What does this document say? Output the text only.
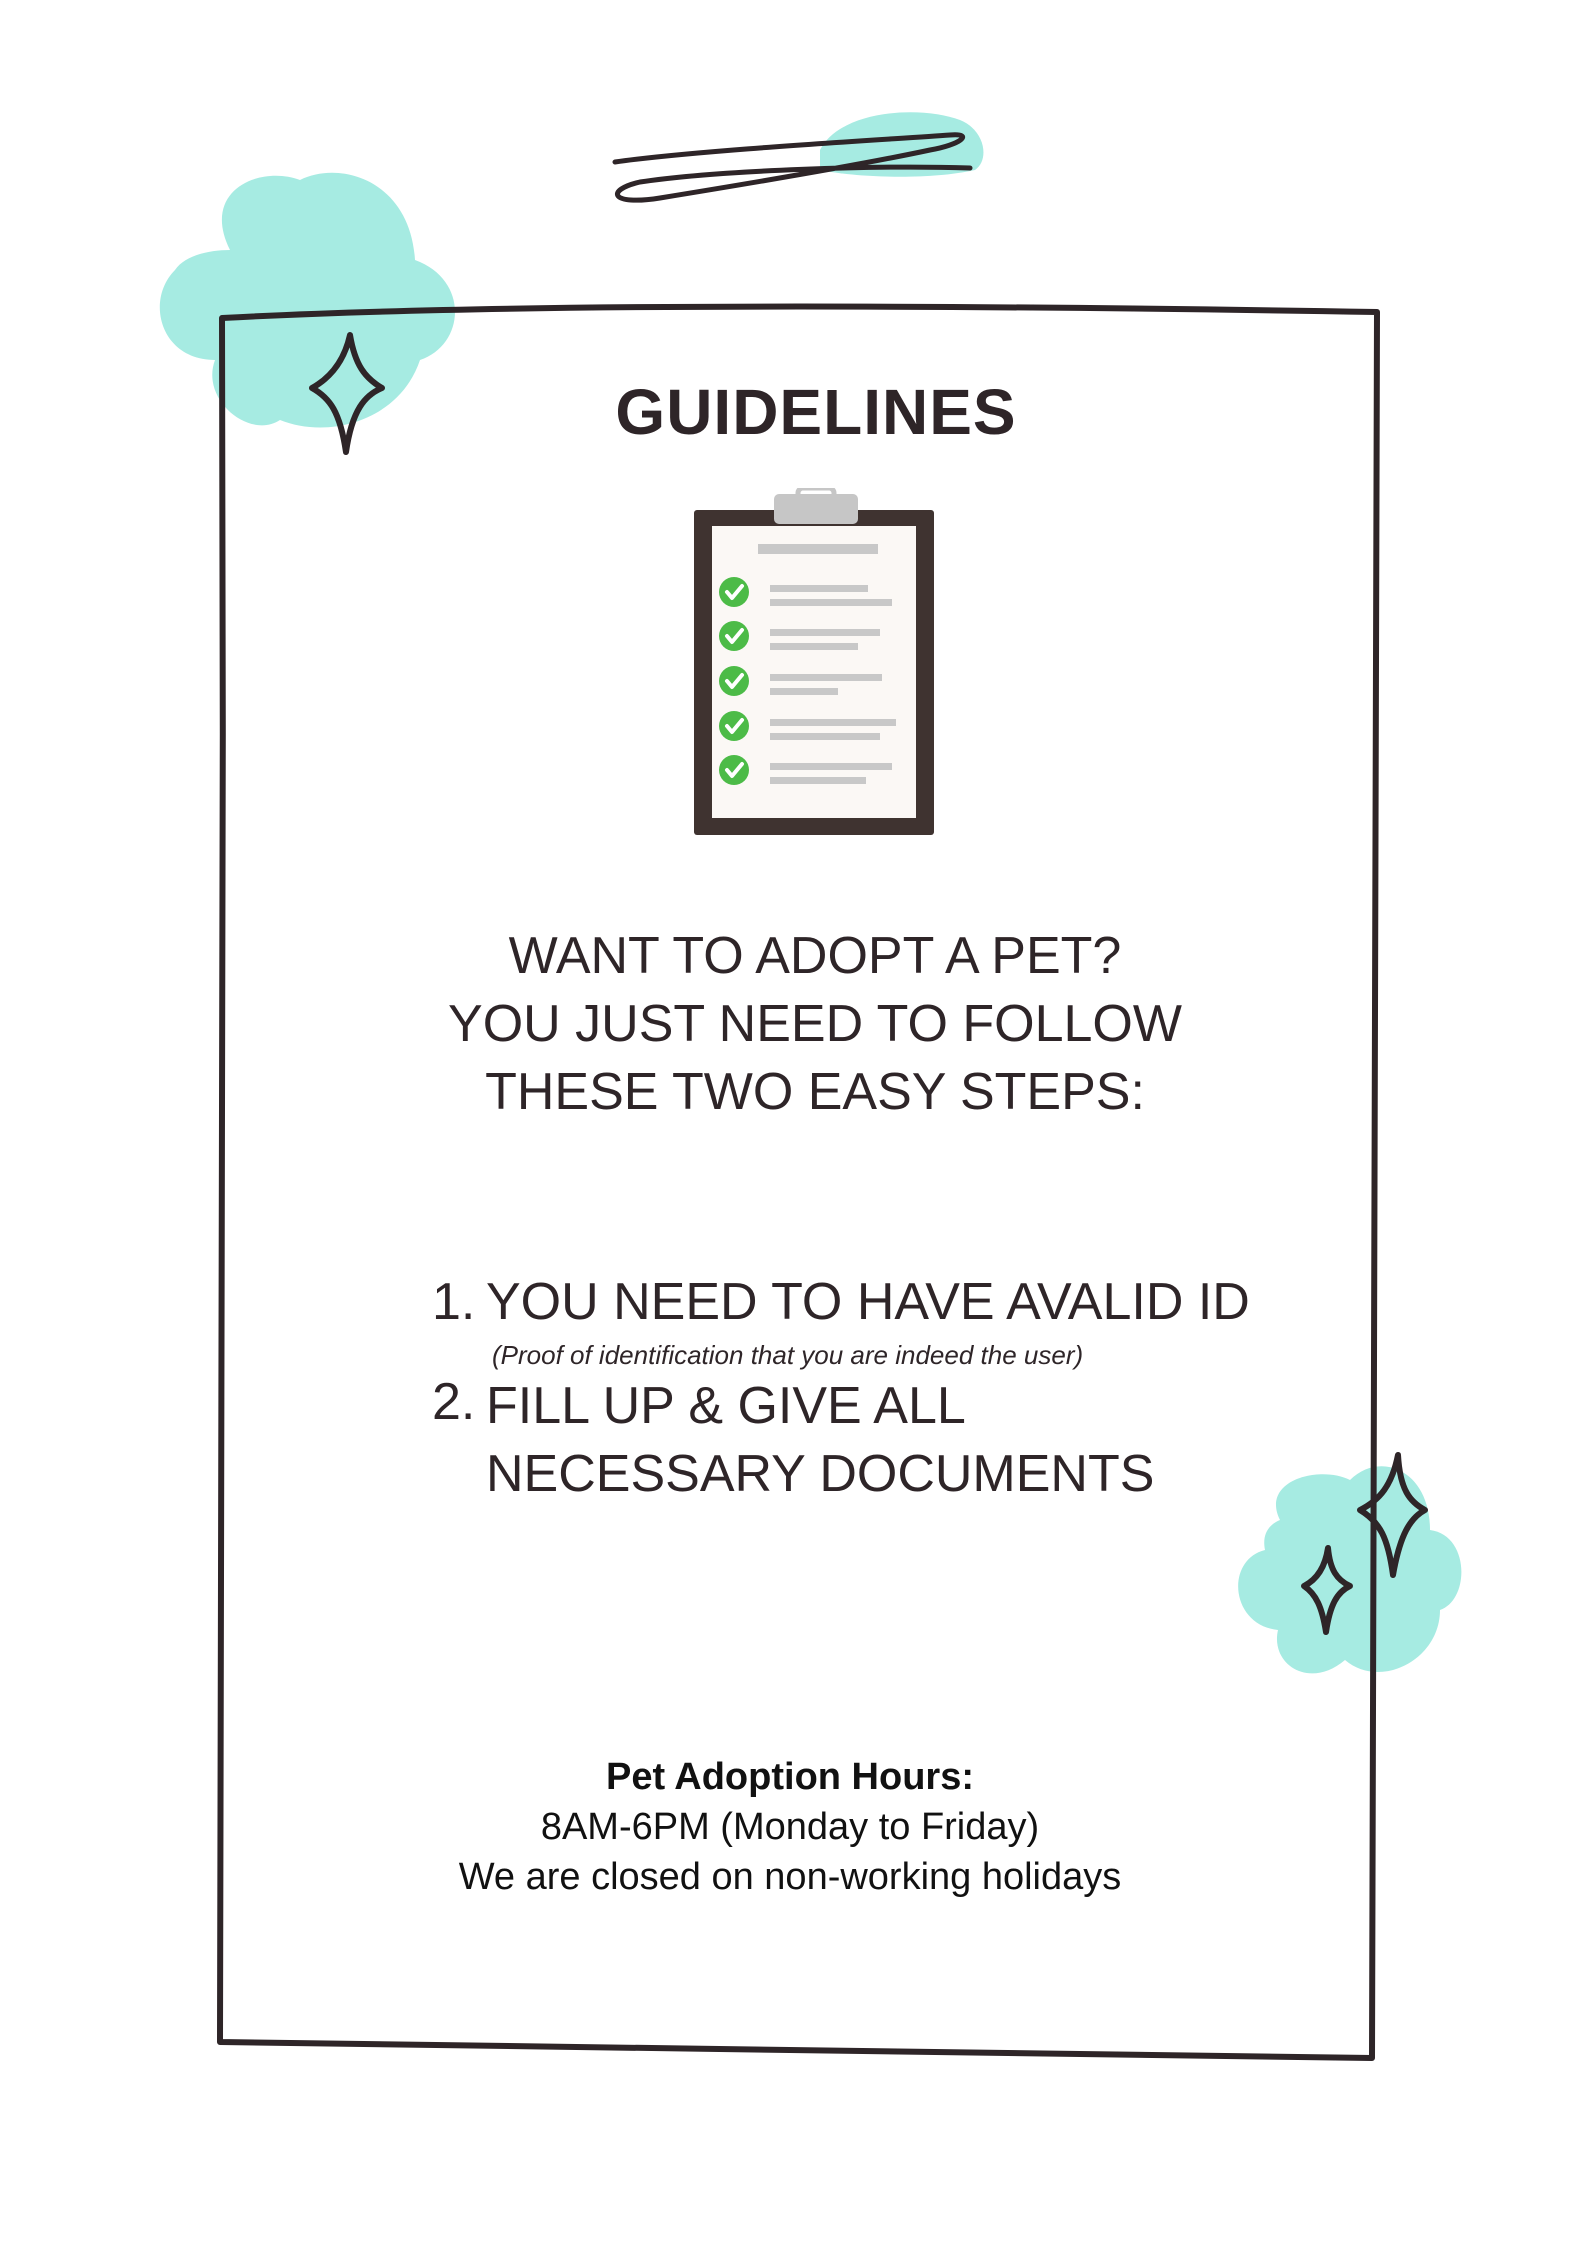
GUIDELINES
WANT TO ADOPT A PET?
YOU JUST NEED TO FOLLOW
THESE TWO EASY STEPS:
1. YOU NEED TO HAVE AVALID ID
(Proof of identification that you are indeed the user)
2. FILL UP & GIVE ALL
NECESSARY DOCUMENTS
Pet Adoption Hours:
8AM-6PM (Monday to Friday)
We are closed on non-working holidays
